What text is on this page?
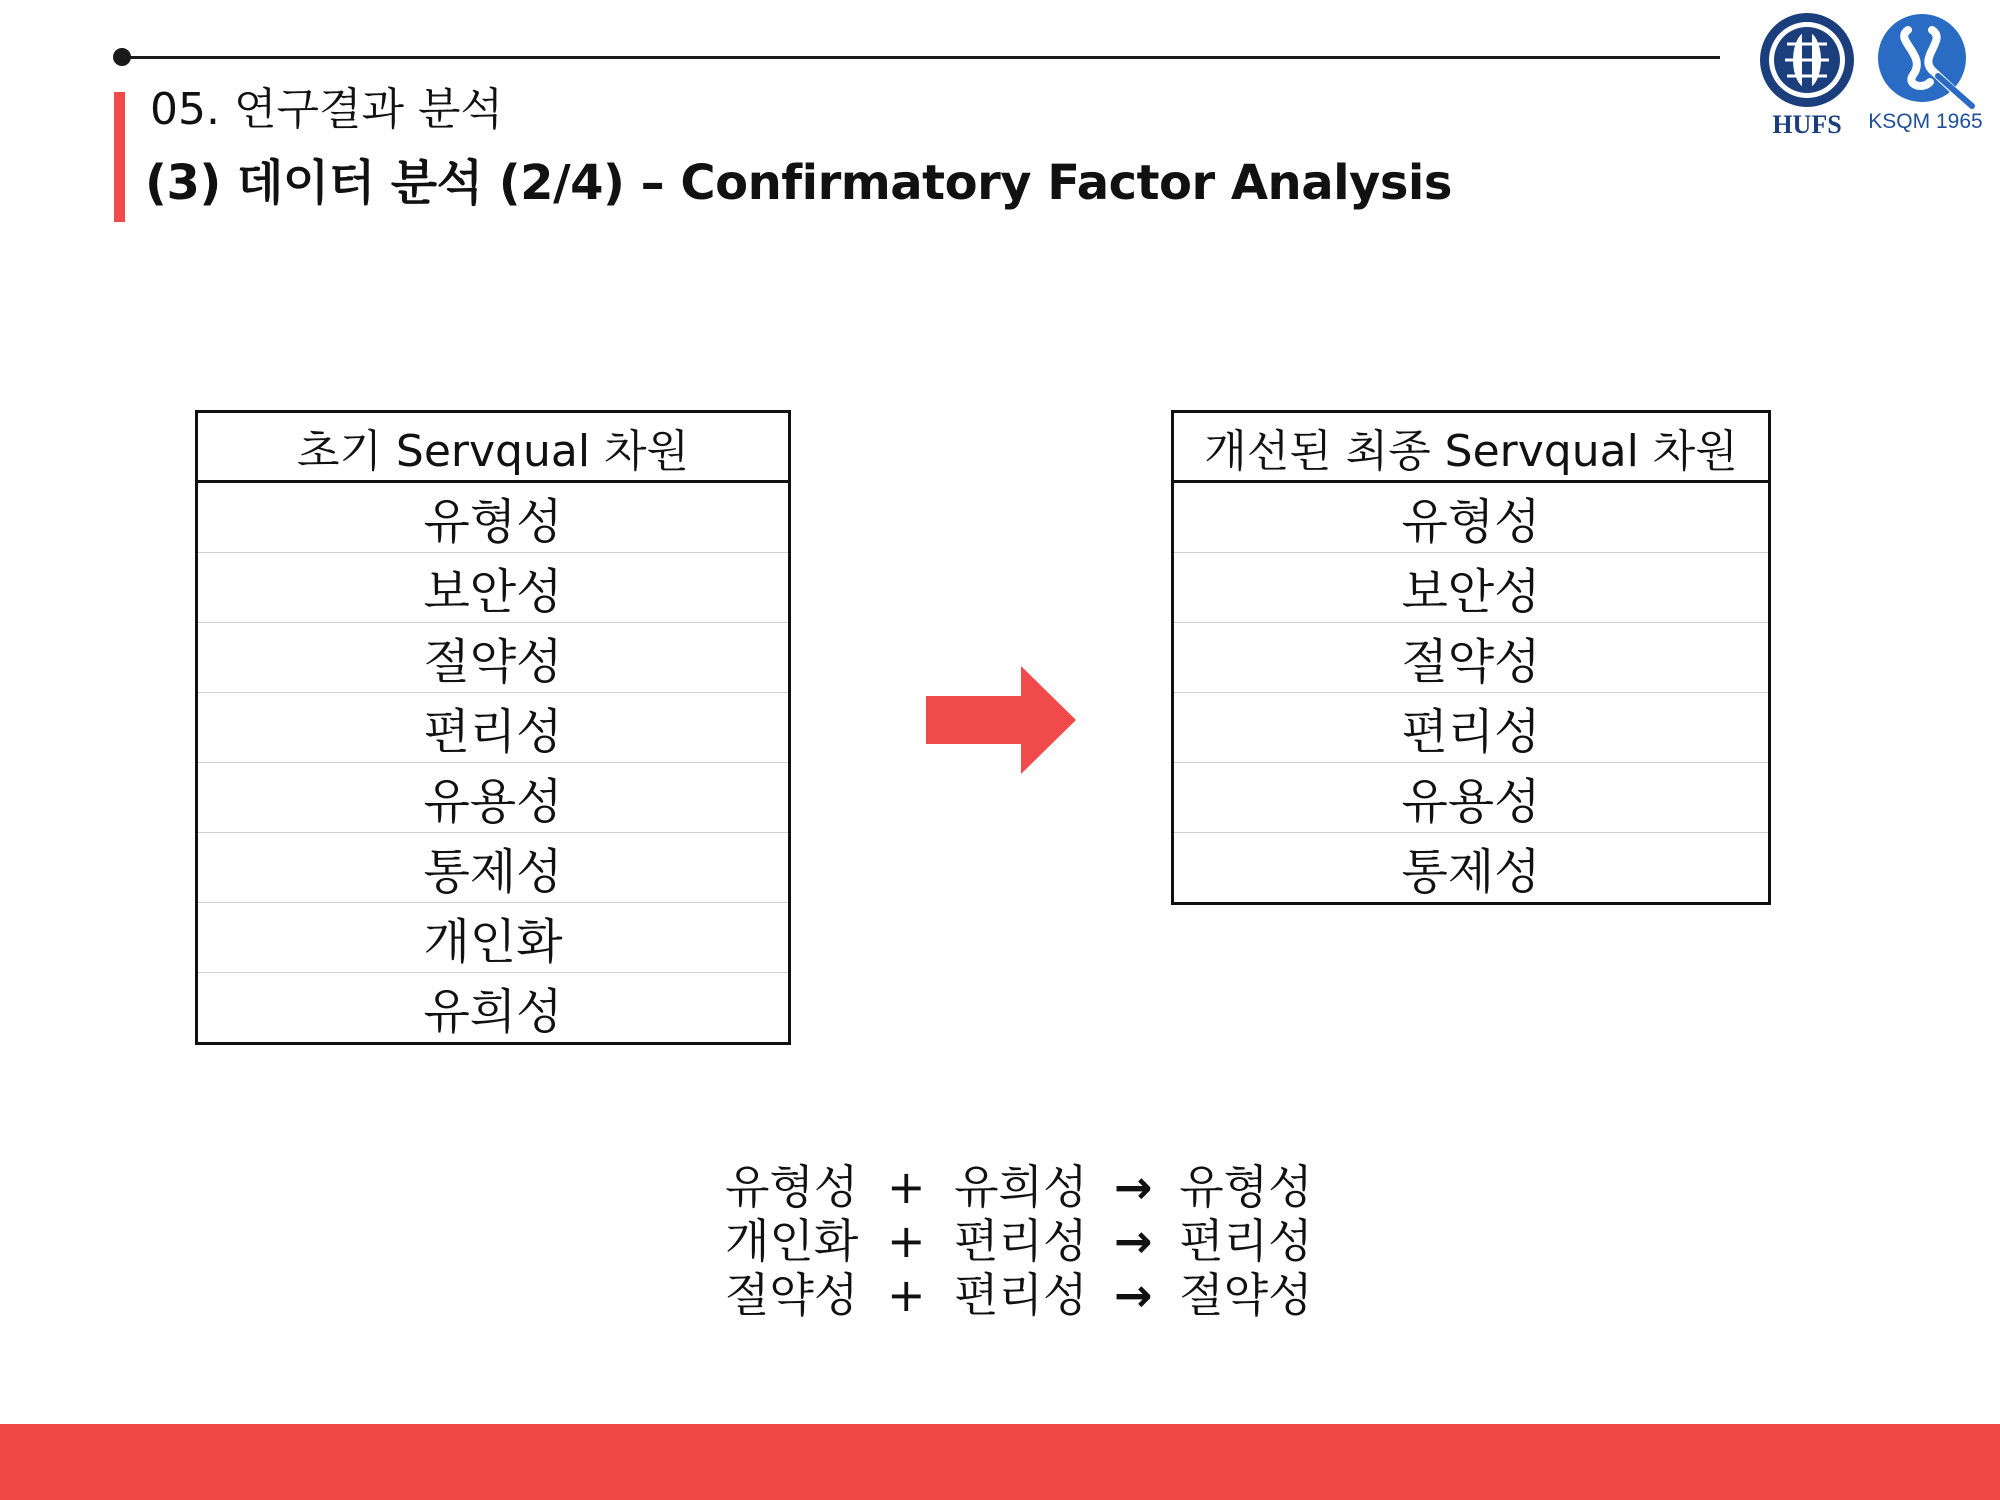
05. 연구결과 분석
(3) 데이터 분석 (2/4) – Confirmatory Factor Analysis
HUFS	KSQM 1965
초기 Servqual 차원
유형성
보안성
절약성
편리성
유용성
통제성
개인화
유희성
개선된 최종 Servqual 차원
유형성
보안성
절약성
편리성
유용성
통제성
유형성 + 유희성 → 유형성
개인화 + 편리성 → 편리성
절약성 + 편리성 → 절약성
